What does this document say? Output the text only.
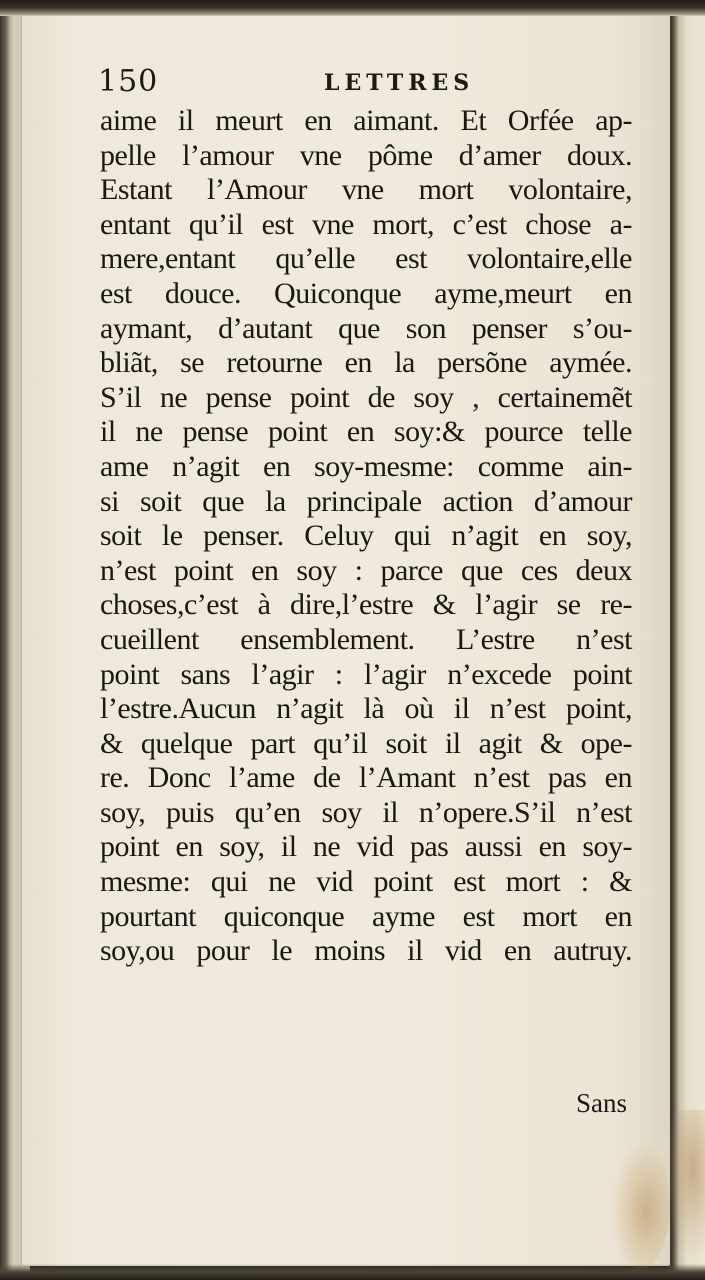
150	LETTRES
aime il meurt en aimant. Et Orfée ap-
pelle l’amour vne pôme d’amer doux.
Estant l’Amour vne mort volontaire,
entant qu’il est vne mort, c’est chose a-
mere,entant qu’elle est volontaire,elle
est douce. Quiconque ayme,meurt en
aymant, d’autant que son penser s’ou-
bliãt, se retourne en la persõne aymée.
S’il ne pense point de soy , certainemẽt
il ne pense point en soy:& pource telle
ame n’agit en soy-mesme: comme ain-
si soit que la principale action d’amour
soit le penser. Celuy qui n’agit en soy,
n’est point en soy : parce que ces deux
choses,c’est à dire,l’estre & l’agir se re-
cueillent ensemblement. L’estre n’est
point sans l’agir : l’agir n’excede point
l’estre.Aucun n’agit là où il n’est point,
& quelque part qu’il soit il agit & ope-
re. Donc l’ame de l’Amant n’est pas en
soy, puis qu’en soy il n’opere.S’il n’est
point en soy, il ne vid pas aussi en soy-
mesme: qui ne vid point est mort : &
pourtant quiconque ayme est mort en
soy,ou pour le moins il vid en autruy.
Sans
